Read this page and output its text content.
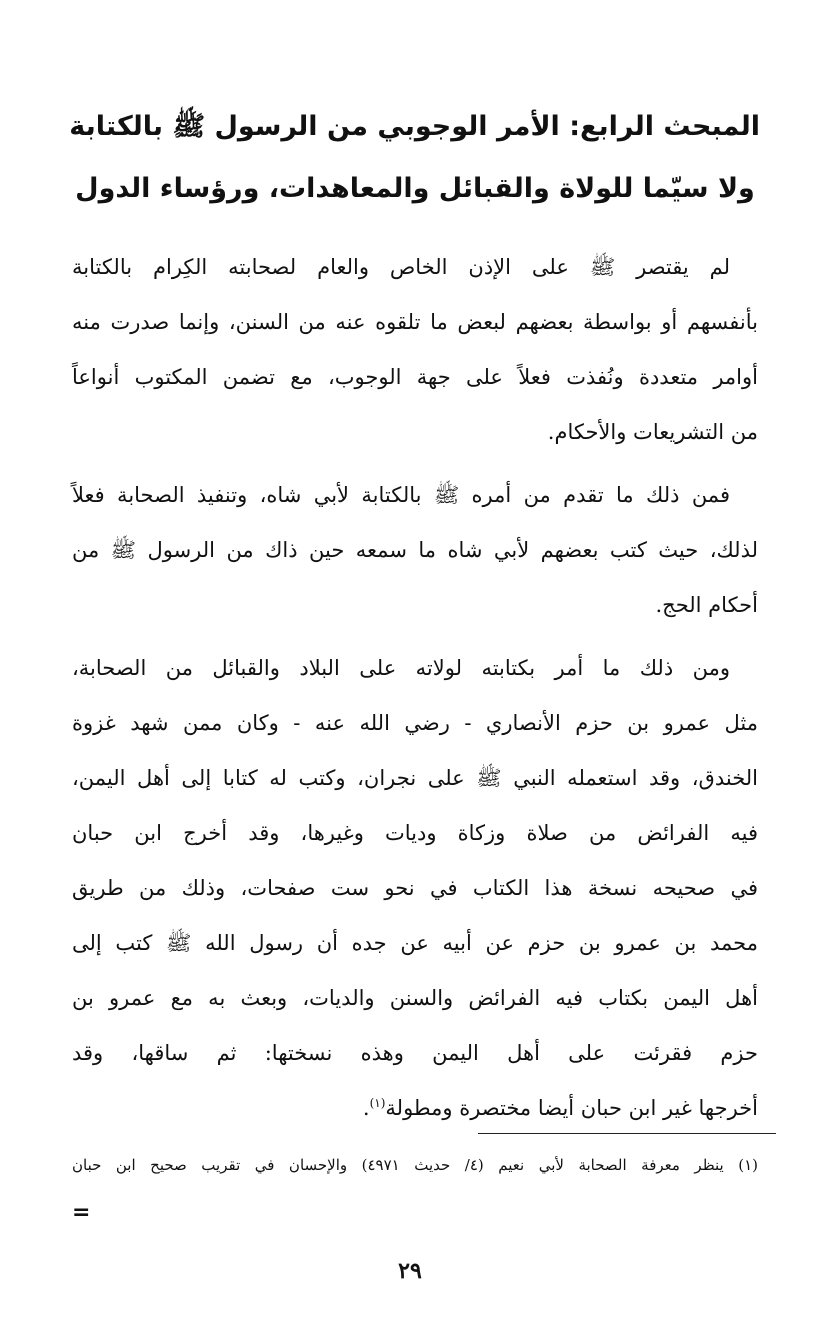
المبحث الرابع: الأمر الوجوبي من الرسول ﷺ بالكتابة
ولا سيّما للولاة والقبائل والمعاهدات، ورؤساء الدول
لم يقتصر ﷺ على الإذن الخاص والعام لصحابته الكِرام بالكتابة
بأنفسهم أو بواسطة بعضهم لبعض ما تلقوه عنه من السنن، وإنما صدرت منه
أوامر متعددة ونُفذت فعلاً على جهة الوجوب، مع تضمن المكتوب أنواعاً
من التشريعات والأحكام.
فمن ذلك ما تقدم من أمره ﷺ بالكتابة لأبي شاه، وتنفيذ الصحابة فعلاً
لذلك، حيث كتب بعضهم لأبي شاه ما سمعه حين ذاك من الرسول ﷺ من
أحكام الحج.
ومن ذلك ما أمر بكتابته لولاته على البلاد والقبائل من الصحابة،
مثل عمرو بن حزم الأنصاري - رضي الله عنه - وكان ممن شهد غزوة
الخندق، وقد استعمله النبي ﷺ على نجران، وكتب له كتابا إلى أهل اليمن،
فيه الفرائض من صلاة وزكاة وديات وغيرها، وقد أخرج ابن حبان
في صحيحه نسخة هذا الكتاب في نحو ست صفحات، وذلك من طريق
محمد بن عمرو بن حزم عن أبيه عن جده أن رسول الله ﷺ كتب إلى
أهل اليمن بكتاب فيه الفرائض والسنن والديات، وبعث به مع عمرو بن
حزم فقرئت على أهل اليمن وهذه نسختها: ثم ساقها، وقد
أخرجها غير ابن حبان أيضا مختصرة ومطولة$^{(١)}$.
(١) ينظر معرفة الصحابة لأبي نعيم (٤/ حديث ٤٩٧١) والإحسان في تقريب صحيح ابن حبان
=
٢٩
